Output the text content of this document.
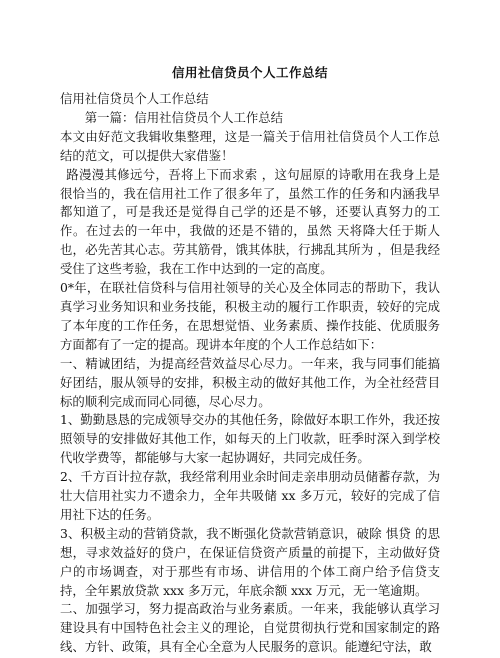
信用社信贷员个人工作总结

信用社信贷员个人工作总结

第一篇：信用社信贷员个人工作总结

本文由好范文我辑收集整理，这是一篇关于信用社信贷员个人工作总结的范文，可以提供大家借鉴！

路漫漫其修远兮，吾将上下而求索 ，这句屈原的诗歌用在我身上是很恰当的，我在信用社工作了很多年了，虽然工作的任务和内涵我早都知道了，可是我还是觉得自己学的还是不够，还要认真努力的工作。在过去的一年中，我做的还是不错的，虽然 天将降大任于斯人也，必先苦其心志。劳其筋骨，饿其体肤，行拂乱其所为 ，但是我经受住了这些考验，我在工作中达到的一定的高度。

0*年，在联社信贷科与信用社领导的关心及全体同志的帮助下，我认真学习业务知识和业务技能，积极主动的履行工作职责，较好的完成了本年度的工作任务，在思想觉悟、业务素质、操作技能、优质服务方面都有了一定的提高。现讲本年度的个人工作总结如下：

一、精诚团结，为提高经营效益尽心尽力。一年来，我与同事们能搞好团结，服从领导的安排，积极主动的做好其他工作，为全社经营目标的顺利完成而同心同德，尽心尽力。

1、勤勤恳恳的完成领导交办的其他任务，除做好本职工作外，我还按照领导的安排做好其他工作，如每天的上门收款，旺季时深入到学校代收学费等，都能够与大家一起协调好，共同完成任务。

2、千方百计拉存款，我经常利用业余时间走亲串朋动员储蓄存款，为壮大信用社实力不遗余力，全年共吸储 xx 多万元，较好的完成了信用社下达的任务。

3、积极主动的营销贷款，我不断强化贷款营销意识，破除 惧贷 的思想，寻求效益好的贷户，在保证信贷资产质量的前提下，主动做好贷户的市场调查，对于那些有市场、讲信用的个体工商户给予信贷支持，全年累放贷款 xxx 多万元，年底余额 xxx 万元，无一笔逾期。

二、加强学习，努力提高政治与业务素质。一年来，我能够认真学习建设具有中国特色社会主义的理论，自觉贯彻执行党和国家制定的路线、方针、政策，具有全心全意为人民服务的意识。能遵纪守法，敢
